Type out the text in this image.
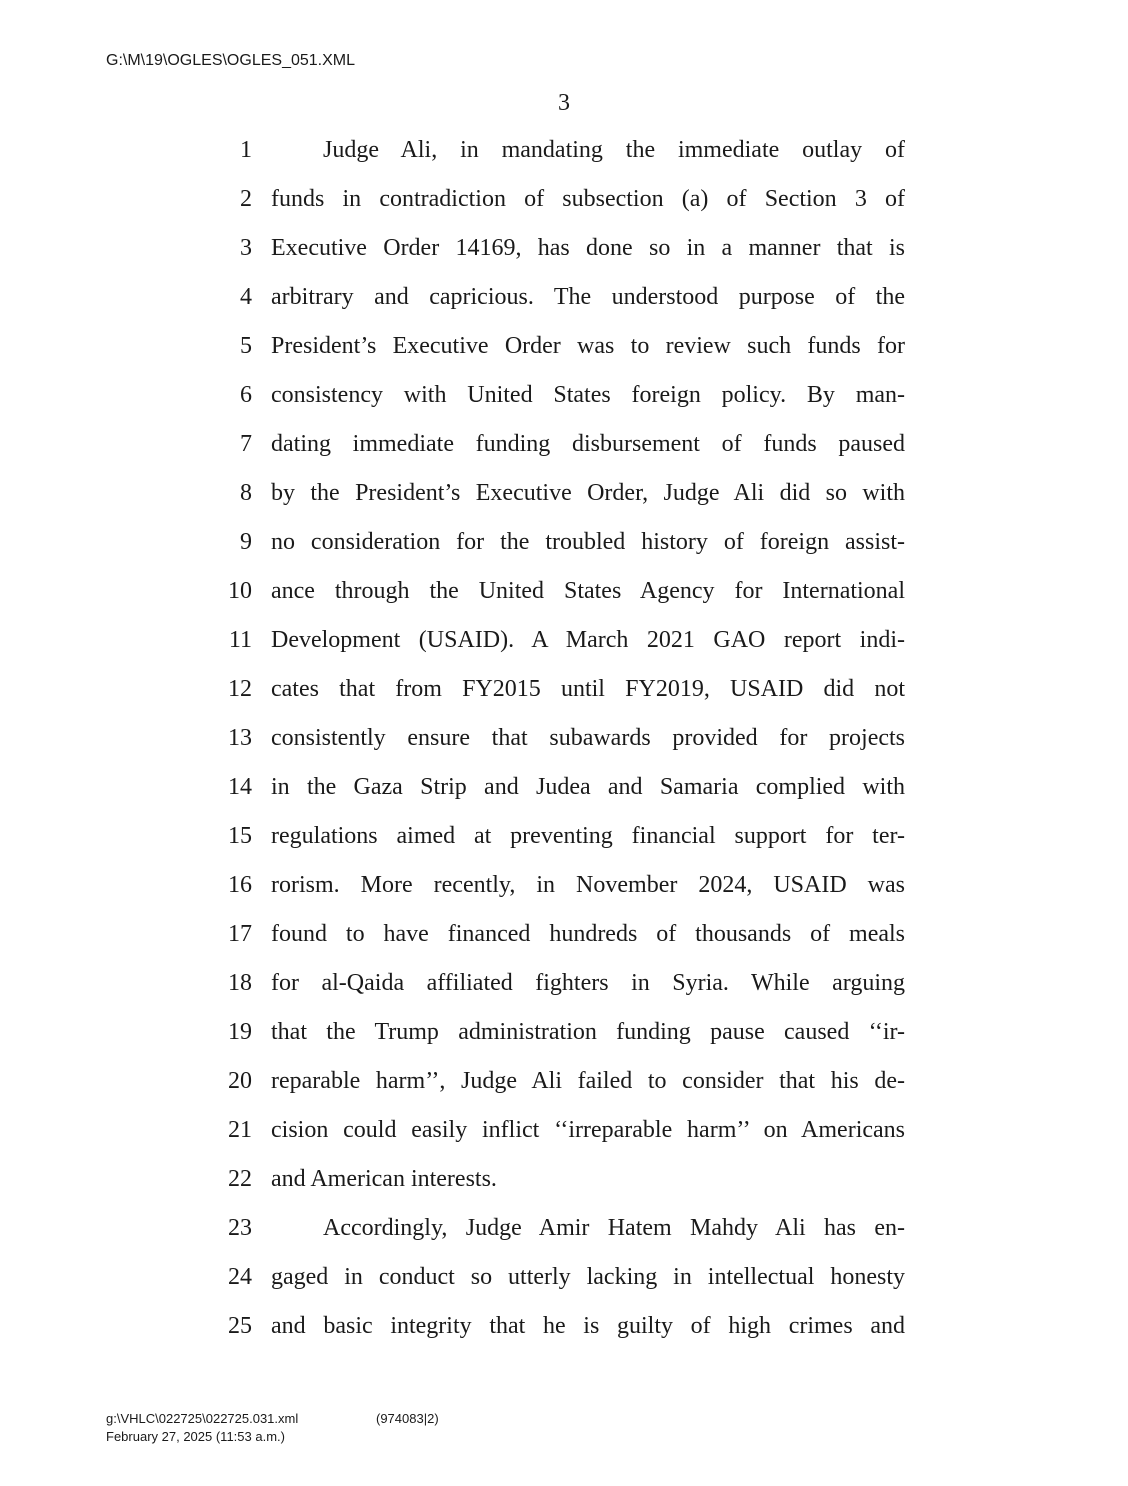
G:\M\19\OGLES\OGLES_051.XML
3
1	Judge Ali, in mandating the immediate outlay of
2 funds in contradiction of subsection (a) of Section 3 of
3 Executive Order 14169, has done so in a manner that is
4 arbitrary and capricious. The understood purpose of the
5 President’s Executive Order was to review such funds for
6 consistency with United States foreign policy. By man-
7 dating immediate funding disbursement of funds paused
8 by the President’s Executive Order, Judge Ali did so with
9 no consideration for the troubled history of foreign assist-
10 ance through the United States Agency for International
11 Development (USAID). A March 2021 GAO report indi-
12 cates that from FY2015 until FY2019, USAID did not
13 consistently ensure that subawards provided for projects
14 in the Gaza Strip and Judea and Samaria complied with
15 regulations aimed at preventing financial support for ter-
16 rorism. More recently, in November 2024, USAID was
17 found to have financed hundreds of thousands of meals
18 for al-Qaida affiliated fighters in Syria. While arguing
19 that the Trump administration funding pause caused ‘‘ir-
20 reparable harm’’, Judge Ali failed to consider that his de-
21 cision could easily inflict ‘‘irreparable harm’’ on Americans
22 and American interests.
23	Accordingly, Judge Amir Hatem Mahdy Ali has en-
24 gaged in conduct so utterly lacking in intellectual honesty
25 and basic integrity that he is guilty of high crimes and
g:\VHLC\022725\022725.031.xml	(974083|2)
February 27, 2025 (11:53 a.m.)
